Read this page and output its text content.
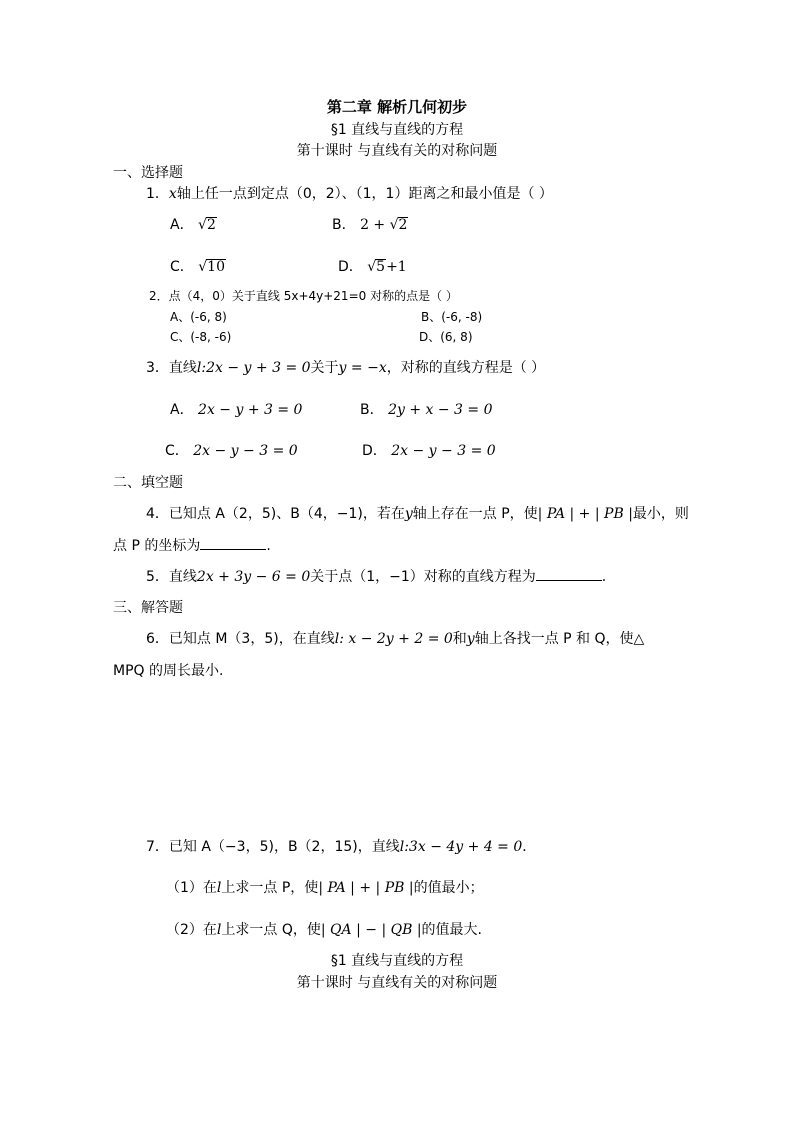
第二章 解析几何初步
§1 直线与直线的方程
第十课时 与直线有关的对称问题
一、选择题
1．x轴上任一点到定点（0，2）、（1，1）距离之和最小值是（ ）
A． √2	B． 2 + √2
C． √10	D． √5+1
2．点（4，0）关于直线 5x+4y+21=0 对称的点是（ ）
A、(-6, 8)	B、(-6, -8)
C、(-8, -6)	D、(6, 8)
3．直线l:2x − y + 3 = 0关于y = −x，对称的直线方程是（ ）
A． 2x − y + 3 = 0	B． 2y + x − 3 = 0
C． 2x − y − 3 = 0	D． 2x − y − 3 = 0
二、填空题
4．已知点 A（2，5)、B（4，−1)，若在y轴上存在一点 P，使| PA | + | PB |最小，则
点 P 的坐标为	.
5．直线2x + 3y − 6 = 0关于点（1，−1）对称的直线方程为	.
三、解答题
6．已知点 M（3，5)，在直线l: x − 2y + 2 = 0和y轴上各找一点 P 和 Q，使△
MPQ 的周长最小.
7．已知 A（−3，5)，B（2，15)，直线l:3x − 4y + 4 = 0．
（1）在l上求一点 P，使| PA | + | PB |的值最小；
（2）在l上求一点 Q，使| QA | − | QB |的值最大.
§1 直线与直线的方程
第十课时 与直线有关的对称问题
